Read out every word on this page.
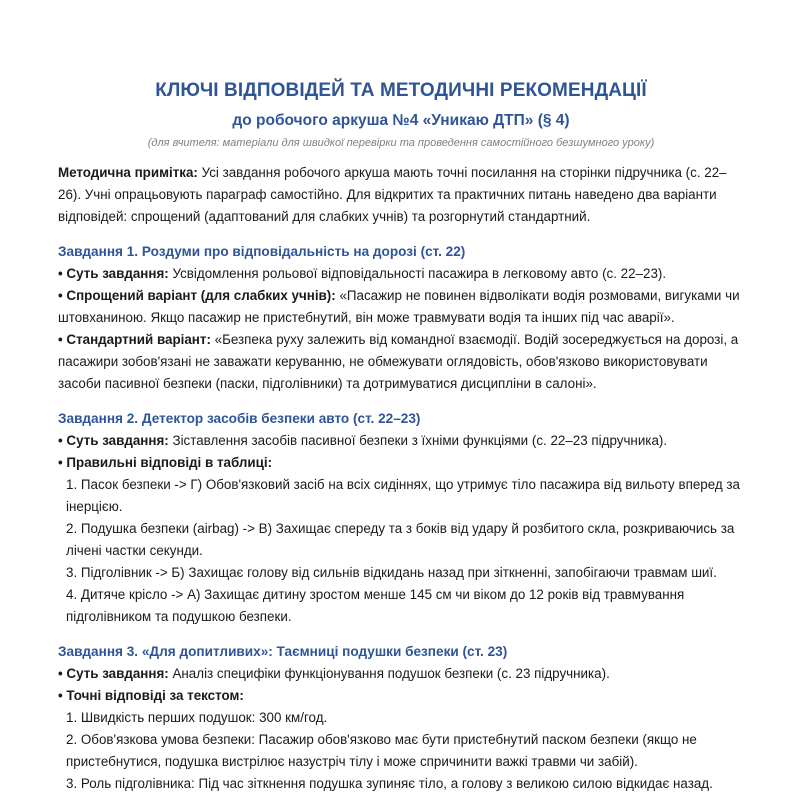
КЛЮЧІ ВІДПОВІДЕЙ ТА МЕТОДИЧНІ РЕКОМЕНДАЦІЇ

до робочого аркуша №4 «Уникаю ДТП» (§ 4)

(для вчителя: матеріали для швидкої перевірки та проведення самостійного безшумного уроку)

Методична примітка: Усі завдання робочого аркуша мають точні посилання на сторінки підручника (с. 22–26). Учні опрацьовують параграф самостійно. Для відкритих та практичних питань наведено два варіанти відповідей: спрощений (адаптований для слабких учнів) та розгорнутий стандартний.

Завдання 1. Роздуми про відповідальність на дорозі (ст. 22)

• Суть завдання: Усвідомлення рольової відповідальності пасажира в легковому авто (с. 22–23).

• Спрощений варіант (для слабких учнів): «Пасажир не повинен відволікати водія розмовами, вигуками чи штовханиною. Якщо пасажир не пристебнутий, він може травмувати водія та інших під час аварії».

• Стандартний варіант: «Безпека руху залежить від командної взаємодії. Водій зосереджується на дорозі, а пасажири зобов'язані не заважати керуванню, не обмежувати оглядовість, обов'язково використовувати засоби пасивної безпеки (паски, підголівники) та дотримуватися дисципліни в салоні».

Завдання 2. Детектор засобів безпеки авто (ст. 22–23)

• Суть завдання: Зіставлення засобів пасивної безпеки з їхніми функціями (с. 22–23 підручника).

• Правильні відповіді в таблиці:

1. Пасок безпеки -> Г) Обов'язковий засіб на всіх сидіннях, що утримує тіло пасажира від вильоту вперед за інерцією.

2. Подушка безпеки (airbag) -> В) Захищає спереду та з боків від удару й розбитого скла, розкриваючись за лічені частки секунди.

3. Підголівник -> Б) Захищає голову від сильнів відкидань назад при зіткненні, запобігаючи травмам шиї.

4. Дитяче крісло -> А) Захищає дитину зростом менше 145 см чи віком до 12 років від травмування підголівником та подушкою безпеки.

Завдання 3. «Для допитливих»: Таємниці подушки безпеки (ст. 23)

• Суть завдання: Аналіз специфіки функціонування подушок безпеки (с. 23 підручника).

• Точні відповіді за текстом:

1. Швидкість перших подушок: 300 км/год.

2. Обов'язкова умова безпеки: Пасажир обов'язково має бути пристебнутий паском безпеки (якщо не пристебнутися, подушка вистрілює назустріч тілу і може спричинити важкі травми чи забій).

3. Роль підголівника: Під час зіткнення подушка зупиняє тіло, а голову з великою силою відкидає назад.
